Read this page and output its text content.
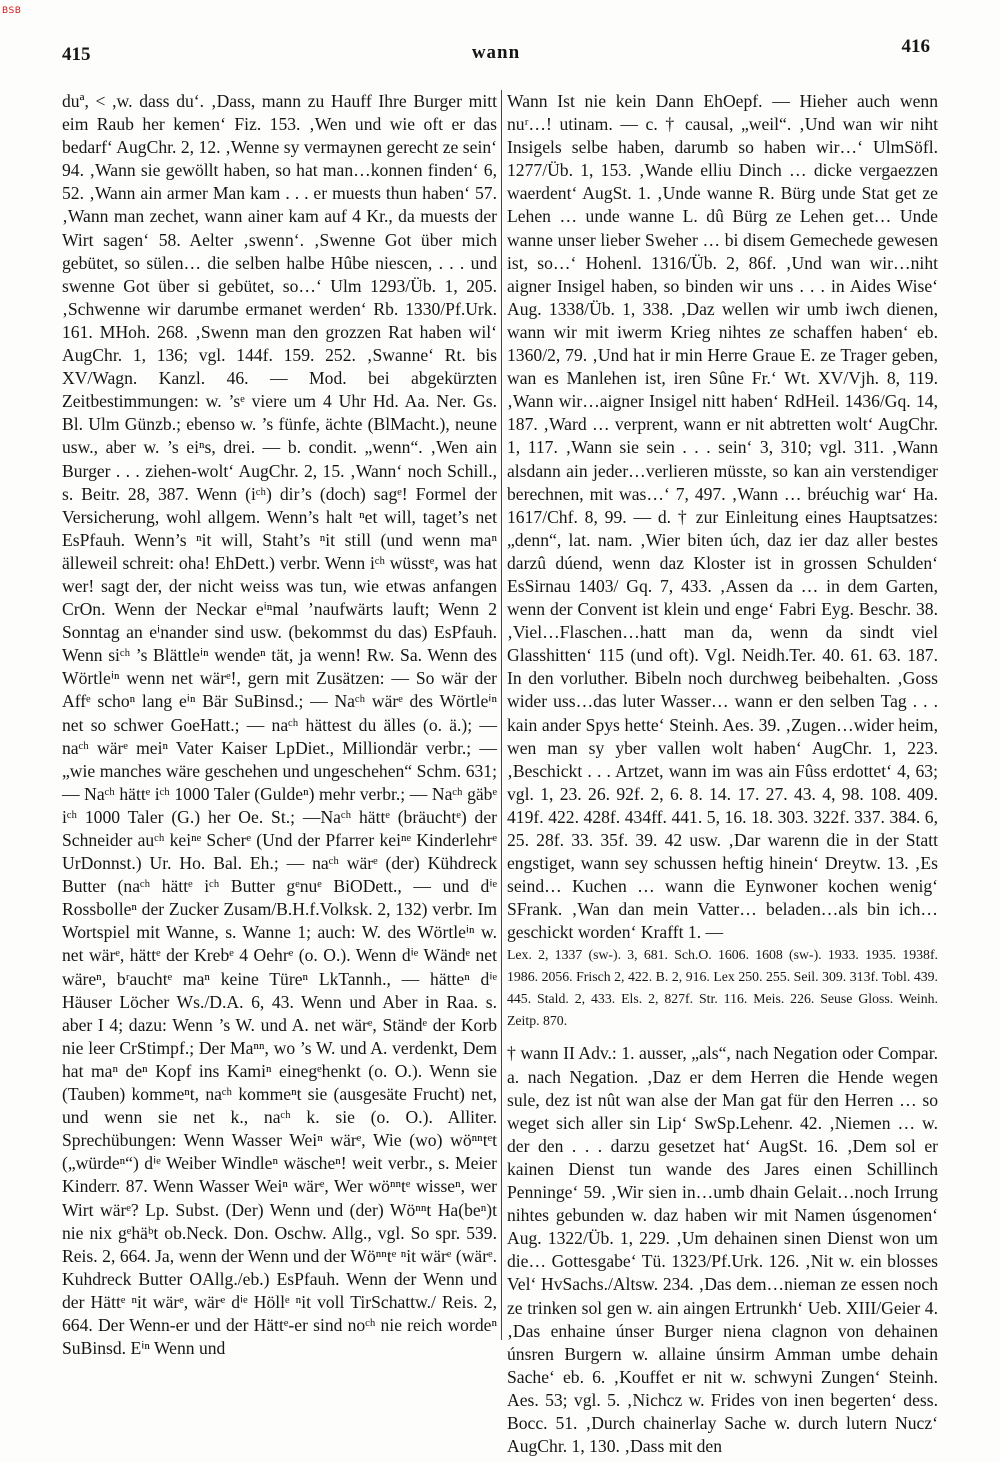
BSB
415	wann	416

duª, < ,w. dass du‘. ‚Dass, mann zu Hauff Ihre Burger mitt eim Raub her kemen‘ Fiz. 153. ‚Wen und wie oft er das bedarf‘ AugChr. 2, 12. ‚Wenne sy vermaynen gerecht ze sein‘ 94. ‚Wann sie gewöllt haben, so hat man…konnen finden‘ 6, 52. ‚Wann ain armer Man kam . . . er muests thun haben‘ 57. ‚Wann man zechet, wann ainer kam auf 4 Kr., da muests der Wirt sagen‘ 58. Aelter ‚swenn‘. ‚Swenne Got über mich gebütet, so sülen… die selben halbe Hûbe niescen, . . . und swenne Got über si gebütet, so…‘ Ulm 1293/Üb. 1, 205. ‚Schwenne wir darumbe ermanet werden‘ Rb. 1330/Pf.Urk. 161. MHoh. 268. ‚Swenn man den grozzen Rat haben wil‘ AugChr. 1, 136; vgl. 144f. 159. 252. ‚Swanne‘ Rt. bis XV/Wagn. Kanzl. 46. — Mod. bei abgekürzten Zeitbestimmungen: w. ’sᵉ viere um 4 Uhr Hd. Aa. Ner. Gs. Bl. Ulm Günzb.; ebenso w. ’s fünfe, ächte (BlMacht.), neune usw., aber w. ’s eiⁿs, drei. — b. condit. „wenn“. ‚Wen ain Burger . . . ziehen-wolt‘ AugChr. 2, 15. ‚Wann‘ noch Schill., s. Beitr. 28, 387. Wenn (iᶜʰ) dir’s (doch) sagᵉ! Formel der Versicherung, wohl allgem. Wenn’s halt ⁿet will, taget’s net EsPfauh. Wenn’s ⁿit will, Staht’s ⁿit still (und wenn maⁿ älleweil schreit: oha! EhDett.) verbr. Wenn iᶜʰ wüsstᵉ, was hat wer! sagt der, der nicht weiss was tun, wie etwas anfangen CrOn. Wenn der Neckar eⁱⁿmal ’naufwärts lauft; Wenn 2 Sonntag an eⁱnander sind usw. (bekommst du das) EsPfauh. Wenn siᶜʰ ’s Blättleⁱⁿ wendeⁿ tät, ja wenn! Rw. Sa. Wenn des Wörtleⁱⁿ wenn net wärᵉ!, gern mit Zusätzen: — So wär der Affᵉ schoⁿ lang eⁱⁿ Bär SuBinsd.; — Naᶜʰ wärᵉ des Wörtleⁱⁿ net so schwer GoeHatt.; — naᶜʰ hättest du älles (o. ä.); — naᶜʰ wärᵉ meiⁿ Vater Kaiser LpDiet., Milliondär verbr.; — „wie manches wäre geschehen und ungeschehen“ Schm. 631; — Naᶜʰ hättᵉ iᶜʰ 1000 Taler (Guldeⁿ) mehr verbr.; — Naᶜʰ gäbᵉ iᶜʰ 1000 Taler (G.) her Oe. St.; —Naᶜʰ hättᵉ (bräuchtᵉ) der Schneider auᶜʰ keiⁿᵉ Scherᵉ (Und der Pfarrer keiⁿᵉ Kinderlehrᵉ UrDonnst.) Ur. Ho. Bal. Eh.; — naᶜʰ wärᵉ (der) Kühdreck Butter (naᶜʰ hättᵉ iᶜʰ Butter gᵉnuᵉ BiODett., — und dⁱᵉ Rossbolleⁿ der Zucker Zusam/B.H.f.Volksk. 2, 132) verbr. Im Wortspiel mit Wanne, s. Wanne 1; auch: W. des Wörtleⁱⁿ w. net wärᵉ, hättᵉ der Krebᵉ 4 Oehrᵉ (o. O.). Wenn dⁱᵉ Wändᵉ net wäreⁿ, bʳauchtᵉ maⁿ keine Türeⁿ LkTannh., — hätteⁿ dⁱᵉ Häuser Löcher Ws./D.A. 6, 43. Wenn und Aber in Raa. s. aber I 4; dazu: Wenn ’s W. und A. net wärᵉ, Ständᵉ der Korb nie leer CrStimpf.; Der Maⁿⁿ, wo ’s W. und A. verdenkt, Dem hat maⁿ deⁿ Kopf ins Kamiⁿ einegᵉhenkt (o. O.). Wenn sie (Tauben) kommeⁿt, naᶜʰ kommeⁿt sie (ausgesäte Frucht) net, und wenn sie net k., naᶜʰ k. sie (o. O.). Alliter. Sprechübungen: Wenn Wasser Weiⁿ wärᵉ, Wie (wo) wöⁿⁿtᵉt („würdeⁿ“) dⁱᵉ Weiber Windleⁿ wäscheⁿ! weit verbr., s. Meier Kinderr. 87. Wenn Wasser Weiⁿ wärᵉ, Wer wöⁿⁿtᵉ wisseⁿ, wer Wirt wärᵉ? Lp. Subst. (Der) Wenn und (der) Wöⁿⁿt Ha(beⁿ)t nie nix gᵉhäᵇt ob.Neck. Don. Oschw. Allg., vgl. So spr. 539. Reis. 2, 664. Ja, wenn der Wenn und der Wöⁿⁿtᵉ ⁿit wärᵉ (wärᵉ. Kuhdreck Butter OAllg./eb.) EsPfauh. Wenn der Wenn und der Hättᵉ ⁿit wärᵉ, wärᵉ dⁱᵉ Höllᵉ ⁿit voll TirSchattw./ Reis. 2, 664. Der Wenn-er und der Hättᵉ-er sind noᶜʰ nie reich wordeⁿ SuBinsd. Eⁱⁿ Wenn und

Wann Ist nie kein Dann EhOepf. — Hieher auch wenn nuʳ…! utinam. — c. † causal, „weil“. ‚Und wan wir niht Insigels selbe haben, darumb so haben wir…‘ UlmSöfl. 1277/Üb. 1, 153. ‚Wande elliu Dinch … dicke vergaezzen waerdent‘ AugSt. 1. ‚Unde wanne R. Bürg unde Stat get ze Lehen … unde wanne L. dû Bürg ze Lehen get… Unde wanne unser lieber Sweher … bi disem Gemechede gewesen ist, so…‘ Hohenl. 1316/Üb. 2, 86f. ‚Und wan wir…niht aigner Insigel haben, so binden wir uns . . . in Aides Wise‘ Aug. 1338/Üb. 1, 338. ‚Daz wellen wir umb iwch dienen, wann wir mit iwerm Krieg nihtes ze schaffen haben‘ eb. 1360/2, 79. ‚Und hat ir min Herre Graue E. ze Trager geben, wan es Manlehen ist, iren Sûne Fr.‘ Wt. XV/Vjh. 8, 119. ‚Wann wir…aigner Insigel nitt haben‘ RdHeil. 1436/Gq. 14, 187. ‚Ward … verprent, wann er nit abtretten wolt‘ AugChr. 1, 117. ‚Wann sie sein . . . sein‘ 3, 310; vgl. 311. ‚Wann alsdann ain jeder…verlieren müsste, so kan ain verstendiger berechnen, mit was…‘ 7, 497. ‚Wann … bréuchig war‘ Ha. 1617/Chf. 8, 99. — d. † zur Einleitung eines Hauptsatzes: „denn“, lat. nam. ‚Wier biten úch, daz ier daz aller bestes darzû dúend, wenn daz Kloster ist in grossen Schulden‘ EsSirnau 1403/ Gq. 7, 433. ‚Assen da … in dem Garten, wenn der Convent ist klein und enge‘ Fabri Eyg. Beschr. 38. ‚Viel…Flaschen…hatt man da, wenn da sindt viel Glasshitten‘ 115 (und oft). Vgl. Neidh.Ter. 40. 61. 63. 187. In den vorluther. Bibeln noch durchweg beibehalten. ‚Goss wider uss…das luter Wasser… wann er den selben Tag . . . kain ander Spys hette‘ Steinh. Aes. 39. ‚Zugen…wider heim, wen man sy yber vallen wolt haben‘ AugChr. 1, 223. ‚Beschickt . . . Artzet, wann im was ain Fûss erdottet‘ 4, 63; vgl. 1, 23. 26. 92f. 2, 6. 8. 14. 17. 27. 43. 4, 98. 108. 409. 419f. 422. 428f. 434ff. 441. 5, 16. 18. 303. 322f. 337. 384. 6, 25. 28f. 33. 35f. 39. 42 usw. ‚Dar warenn die in der Statt engstiget, wann sey schussen heftig hinein‘ Dreytw. 13. ‚Es seind… Kuchen … wann die Eynwoner kochen wenig‘ SFrank. ‚Wan dan mein Vatter… beladen…als bin ich…geschickt worden‘ Krafft 1. —

Lex. 2, 1337 (sw-). 3, 681. Sch.O. 1606. 1608 (sw-). 1933. 1935. 1938f. 1986. 2056. Frisch 2, 422. B. 2, 916. Lex 250. 255. Seil. 309. 313f. Tobl. 439. 445. Stald. 2, 433. Els. 2, 827f. Str. 116. Meis. 226. Seuse Gloss. Weinh. Zeitp. 870.

† wann II Adv.: 1. ausser, „als“, nach Negation oder Compar. a. nach Negation. ‚Daz er dem Herren die Hende wegen sule, dez ist nût wan alse der Man gat für den Herren … so weget sich aller sin Lip‘ SwSp.Lehenr. 42. ‚Niemen … w. der den . . . darzu gesetzet hat‘ AugSt. 16. ‚Dem sol er kainen Dienst tun wande des Jares einen Schillinch Penninge‘ 59. ‚Wir sien in…umb dhain Gelait…noch Irrung nihtes gebunden w. daz haben wir mit Namen úsgenomen‘ Aug. 1322/Üb. 1, 229. ‚Um dehainen sinen Dienst won um die… Gottesgabe‘ Tü. 1323/Pf.Urk. 126. ‚Nit w. ein blosses Vel‘ HvSachs./Altsw. 234. ‚Das dem…nieman ze essen noch ze trinken sol gen w. ain aingen Ertrunkh‘ Ueb. XIII/Geier 4. ‚Das enhaine únser Burger niena clagnon von dehainen únsren Burgern w. allaine únsirm Amman umbe dehain Sache‘ eb. 6. ‚Kouffet er nit w. schwyni Zungen‘ Steinh. Aes. 53; vgl. 5. ‚Nichcz w. Frides von inen begerten‘ dess. Bocc. 51. ‚Durch chainerlay Sache w. durch lutern Nucz‘ AugChr. 1, 130. ‚Dass mit den
